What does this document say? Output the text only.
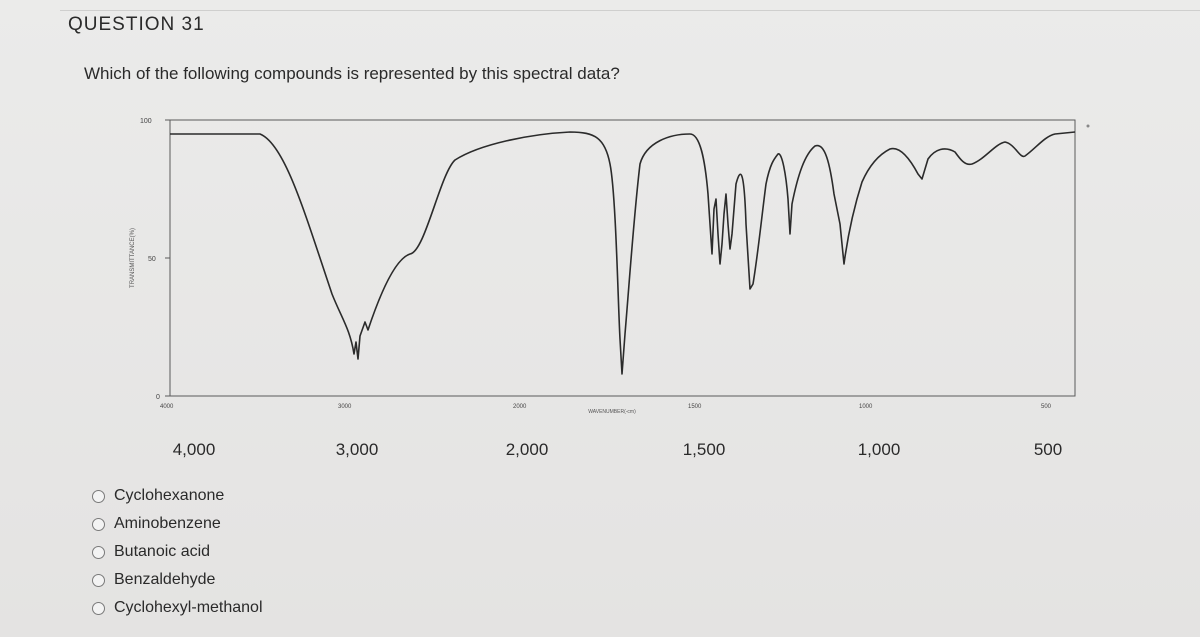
QUESTION 31
Which of the following compounds is represented by this spectral data?
100
50
0
TRANSMITTANCE(%)
4000	3000	2000	1500	1000	500
WAVENUMBER(-cm)
4,000	3,000	2,000	1,500	1,000	500
Cyclohexanone
Aminobenzene
Butanoic acid
Benzaldehyde
Cyclohexyl-methanol
